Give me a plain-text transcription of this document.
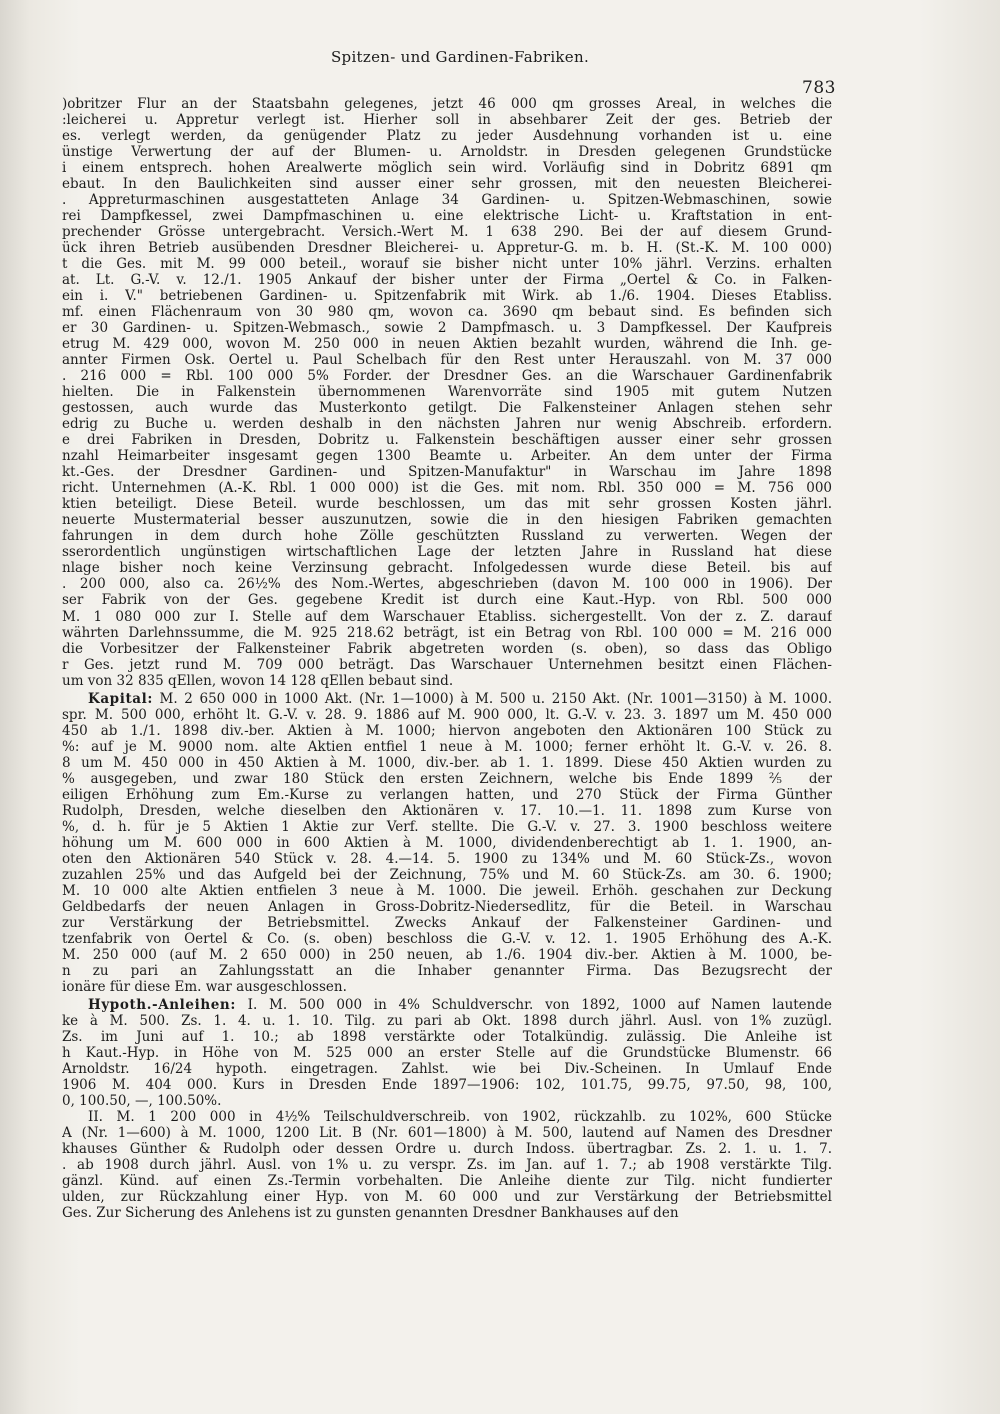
Spitzen- und Gardinen-Fabriken.
783
)obritzer Flur an der Staatsbahn gelegenes, jetzt 46 000 qm grosses Areal, in welches die
:leicherei u. Appretur verlegt ist. Hierher soll in absehbarer Zeit der ges. Betrieb der
es. verlegt werden, da genügender Platz zu jeder Ausdehnung vorhanden ist u. eine
ünstige Verwertung der auf der Blumen- u. Arnoldstr. in Dresden gelegenen Grundstücke
i einem entsprech. hohen Arealwerte möglich sein wird. Vorläufig sind in Dobritz 6891 qm
ebaut. In den Baulichkeiten sind ausser einer sehr grossen, mit den neuesten Bleicherei-
. Appreturmaschinen ausgestatteten Anlage 34 Gardinen- u. Spitzen-Webmaschinen, sowie
rei Dampfkessel, zwei Dampfmaschinen u. eine elektrische Licht- u. Kraftstation in ent-
prechender Grösse untergebracht. Versich.-Wert M. 1 638 290. Bei der auf diesem Grund-
ück ihren Betrieb ausübenden Dresdner Bleicherei- u. Appretur-G. m. b. H. (St.-K. M. 100 000)
t die Ges. mit M. 99 000 beteil., worauf sie bisher nicht unter 10% jährl. Verzins. erhalten
at. Lt. G.-V. v. 12./1. 1905 Ankauf der bisher unter der Firma „Oertel & Co. in Falken-
ein i. V." betriebenen Gardinen- u. Spitzenfabrik mit Wirk. ab 1./6. 1904. Dieses Etabliss.
mf. einen Flächenraum von 30 980 qm, wovon ca. 3690 qm bebaut sind. Es befinden sich
er 30 Gardinen- u. Spitzen-Webmasch., sowie 2 Dampfmasch. u. 3 Dampfkessel. Der Kaufpreis
etrug M. 429 000, wovon M. 250 000 in neuen Aktien bezahlt wurden, während die Inh. ge-
annter Firmen Osk. Oertel u. Paul Schelbach für den Rest unter Herauszahl. von M. 37 000
. 216 000 = Rbl. 100 000 5% Forder. der Dresdner Ges. an die Warschauer Gardinenfabrik
hielten. Die in Falkenstein übernommenen Warenvorräte sind 1905 mit gutem Nutzen
gestossen, auch wurde das Musterkonto getilgt. Die Falkensteiner Anlagen stehen sehr
edrig zu Buche u. werden deshalb in den nächsten Jahren nur wenig Abschreib. erfordern.
e drei Fabriken in Dresden, Dobritz u. Falkenstein beschäftigen ausser einer sehr grossen
nzahl Heimarbeiter insgesamt gegen 1300 Beamte u. Arbeiter. An dem unter der Firma
kt.-Ges. der Dresdner Gardinen- und Spitzen-Manufaktur" in Warschau im Jahre 1898
richt. Unternehmen (A.-K. Rbl. 1 000 000) ist die Ges. mit nom. Rbl. 350 000 = M. 756 000
ktien beteiligt. Diese Beteil. wurde beschlossen, um das mit sehr grossen Kosten jährl.
neuerte Mustermaterial besser auszunutzen, sowie die in den hiesigen Fabriken gemachten
fahrungen in dem durch hohe Zölle geschützten Russland zu verwerten. Wegen der
sserordentlich ungünstigen wirtschaftlichen Lage der letzten Jahre in Russland hat diese
nlage bisher noch keine Verzinsung gebracht. Infolgedessen wurde diese Beteil. bis auf
. 200 000, also ca. 26½% des Nom.-Wertes, abgeschrieben (davon M. 100 000 in 1906). Der
ser Fabrik von der Ges. gegebene Kredit ist durch eine Kaut.-Hyp. von Rbl. 500 000
M. 1 080 000 zur I. Stelle auf dem Warschauer Etabliss. sichergestellt. Von der z. Z. darauf
währten Darlehnssumme, die M. 925 218.62 beträgt, ist ein Betrag von Rbl. 100 000 = M. 216 000
die Vorbesitzer der Falkensteiner Fabrik abgetreten worden (s. oben), so dass das Obligo
r Ges. jetzt rund M. 709 000 beträgt. Das Warschauer Unternehmen besitzt einen Flächen-
um von 32 835 qEllen, wovon 14 128 qEllen bebaut sind.
Kapital: M. 2 650 000 in 1000 Akt. (Nr. 1—1000) à M. 500 u. 2150 Akt. (Nr. 1001—3150) à M. 1000.
spr. M. 500 000, erhöht lt. G.-V. v. 28. 9. 1886 auf M. 900 000, lt. G.-V. v. 23. 3. 1897 um M. 450 000
450 ab 1./1. 1898 div.-ber. Aktien à M. 1000; hiervon angeboten den Aktionären 100 Stück zu
%: auf je M. 9000 nom. alte Aktien entfiel 1 neue à M. 1000; ferner erhöht lt. G.-V. v. 26. 8.
8 um M. 450 000 in 450 Aktien à M. 1000, div.-ber. ab 1. 1. 1899. Diese 450 Aktien wurden zu
% ausgegeben, und zwar 180 Stück den ersten Zeichnern, welche bis Ende 1899 ⅖ der
eiligen Erhöhung zum Em.-Kurse zu verlangen hatten, und 270 Stück der Firma Günther
Rudolph, Dresden, welche dieselben den Aktionären v. 17. 10.—1. 11. 1898 zum Kurse von
%, d. h. für je 5 Aktien 1 Aktie zur Verf. stellte. Die G.-V. v. 27. 3. 1900 beschloss weitere
höhung um M. 600 000 in 600 Aktien à M. 1000, dividendenberechtigt ab 1. 1. 1900, an-
oten den Aktionären 540 Stück v. 28. 4.—14. 5. 1900 zu 134% und M. 60 Stück-Zs., wovon
zuzahlen 25% und das Aufgeld bei der Zeichnung, 75% und M. 60 Stück-Zs. am 30. 6. 1900;
M. 10 000 alte Aktien entfielen 3 neue à M. 1000. Die jeweil. Erhöh. geschahen zur Deckung
Geldbedarfs der neuen Anlagen in Gross-Dobritz-Niedersedlitz, für die Beteil. in Warschau
zur Verstärkung der Betriebsmittel. Zwecks Ankauf der Falkensteiner Gardinen- und
tzenfabrik von Oertel & Co. (s. oben) beschloss die G.-V. v. 12. 1. 1905 Erhöhung des A.-K.
M. 250 000 (auf M. 2 650 000) in 250 neuen, ab 1./6. 1904 div.-ber. Aktien à M. 1000, be-
n zu pari an Zahlungsstatt an die Inhaber genannter Firma. Das Bezugsrecht der
ionäre für diese Em. war ausgeschlossen.
Hypoth.-Anleihen: I. M. 500 000 in 4% Schuldverschr. von 1892, 1000 auf Namen lautende
ke à M. 500. Zs. 1. 4. u. 1. 10. Tilg. zu pari ab Okt. 1898 durch jährl. Ausl. von 1% zuzügl.
Zs. im Juni auf 1. 10.; ab 1898 verstärkte oder Totalkündig. zulässig. Die Anleihe ist
h Kaut.-Hyp. in Höhe von M. 525 000 an erster Stelle auf die Grundstücke Blumenstr. 66
Arnoldstr. 16/24 hypoth. eingetragen. Zahlst. wie bei Div.-Scheinen. In Umlauf Ende
1906 M. 404 000. Kurs in Dresden Ende 1897—1906: 102, 101.75, 99.75, 97.50, 98, 100,
0, 100.50, —, 100.50%.
II. M. 1 200 000 in 4½% Teilschuldverschreib. von 1902, rückzahlb. zu 102%, 600 Stücke
A (Nr. 1—600) à M. 1000, 1200 Lit. B (Nr. 601—1800) à M. 500, lautend auf Namen des Dresdner
khauses Günther & Rudolph oder dessen Ordre u. durch Indoss. übertragbar. Zs. 2. 1. u. 1. 7.
. ab 1908 durch jährl. Ausl. von 1% u. zu verspr. Zs. im Jan. auf 1. 7.; ab 1908 verstärkte Tilg.
gänzl. Künd. auf einen Zs.-Termin vorbehalten. Die Anleihe diente zur Tilg. nicht fundierter
ulden, zur Rückzahlung einer Hyp. von M. 60 000 und zur Verstärkung der Betriebsmittel
Ges. Zur Sicherung des Anlehens ist zu gunsten genannten Dresdner Bankhauses auf den
